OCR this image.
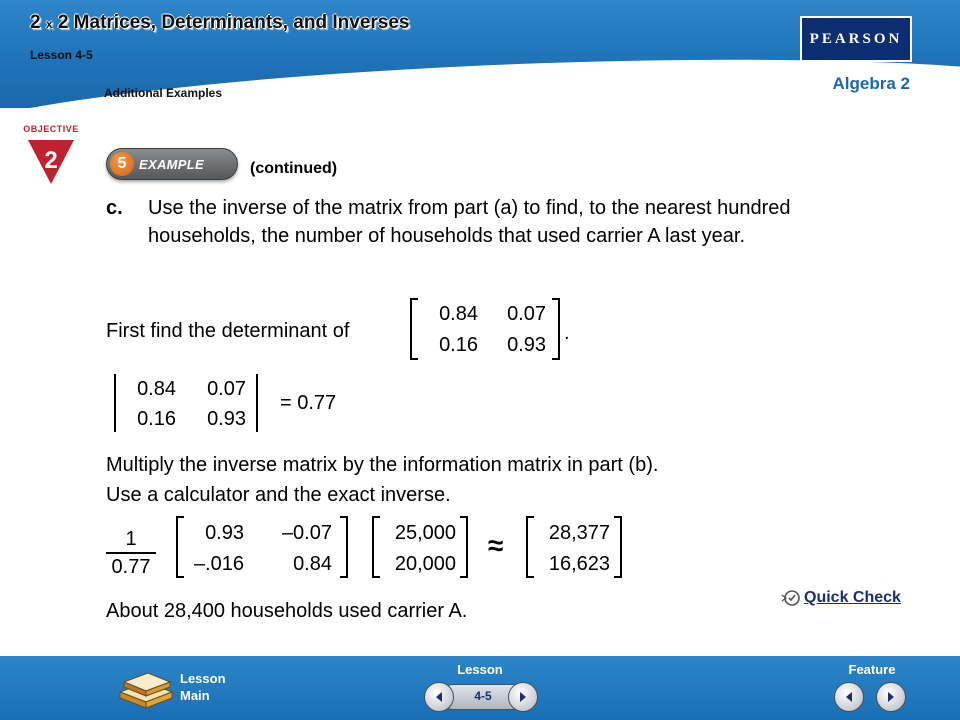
2 x 2 Matrices, Determinants, and Inverses
Lesson 4-5
Additional Examples
PEARSON
Algebra 2
OBJECTIVE
2	5 EXAMPLE	(continued)
c. Use the inverse of the matrix from part (a) to find, to the nearest hundred households, the number of households that used carrier A last year.
First find the determinant of
0.84	0.07
0.16	0.93
.
0.84	0.07
0.16	0.93
= 0.77
Multiply the inverse matrix by the information matrix in part (b).
Use a calculator and the exact inverse.
1
0.77
0.93	–0.07
–.016	0.84
25,000
20,000
≈	28,377
16,623
Quick Check
About 28,400 households used carrier A.
Lesson
Main
Lesson
4-5
Feature
